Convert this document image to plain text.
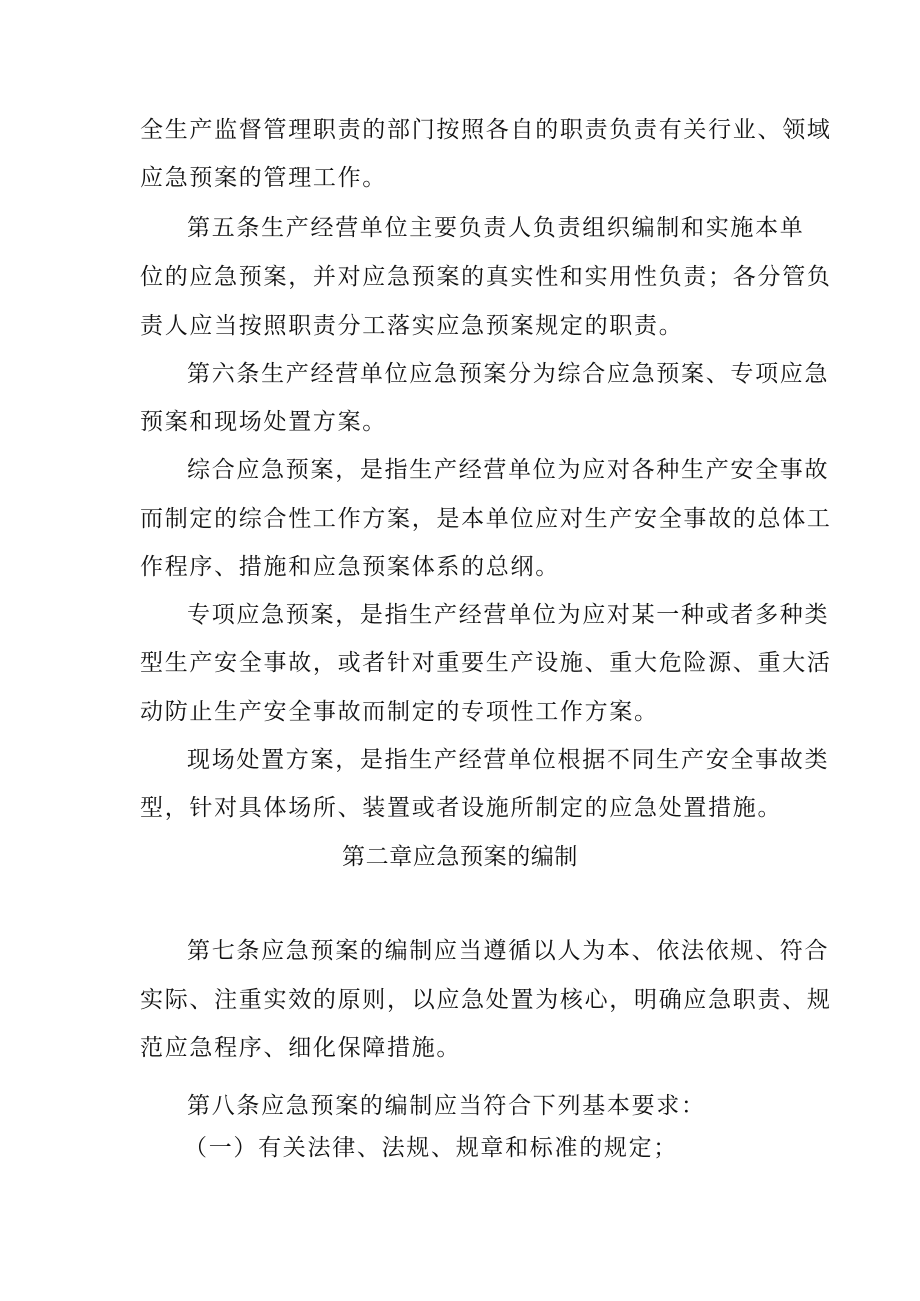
全生产监督管理职责的部门按照各自的职责负责有关行业、领域
应急预案的管理工作。
第五条生产经营单位主要负责人负责组织编制和实施本单
位的应急预案，并对应急预案的真实性和实用性负责；各分管负
责人应当按照职责分工落实应急预案规定的职责。
第六条生产经营单位应急预案分为综合应急预案、专项应急
预案和现场处置方案。
综合应急预案，是指生产经营单位为应对各种生产安全事故
而制定的综合性工作方案，是本单位应对生产安全事故的总体工
作程序、措施和应急预案体系的总纲。
专项应急预案，是指生产经营单位为应对某一种或者多种类
型生产安全事故，或者针对重要生产设施、重大危险源、重大活
动防止生产安全事故而制定的专项性工作方案。
现场处置方案，是指生产经营单位根据不同生产安全事故类
型，针对具体场所、装置或者设施所制定的应急处置措施。
第二章应急预案的编制
第七条应急预案的编制应当遵循以人为本、依法依规、符合
实际、注重实效的原则，以应急处置为核心，明确应急职责、规
范应急程序、细化保障措施。
第八条应急预案的编制应当符合下列基本要求：
（一）有关法律、法规、规章和标准的规定；
